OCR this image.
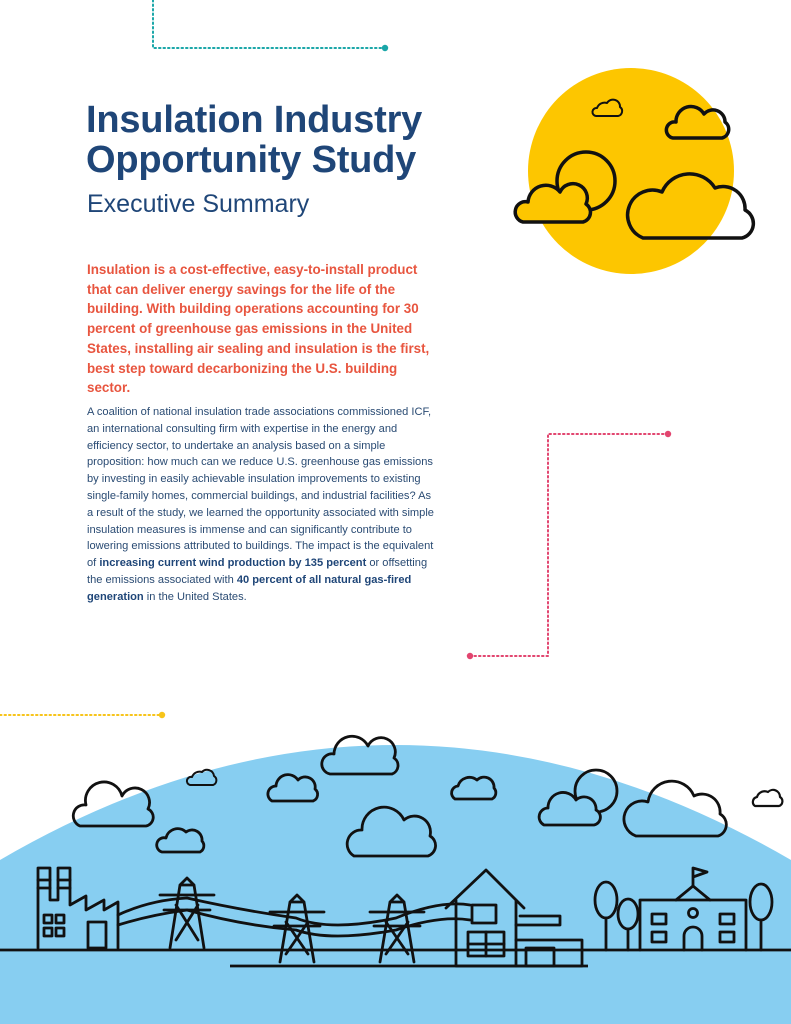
Insulation Industry
Opportunity Study
Executive Summary

Insulation is a cost-effective, easy-to-install product that can deliver energy savings for the life of the building. With building operations accounting for 30 percent of greenhouse gas emissions in the United States, installing air sealing and insulation is the first, best step toward decarbonizing the U.S. building sector.

A coalition of national insulation trade associations commissioned ICF, an international consulting firm with expertise in the energy and efficiency sector, to undertake an analysis based on a simple proposition: how much can we reduce U.S. greenhouse gas emissions by investing in easily achievable insulation improvements to existing single-family homes, commercial buildings, and industrial facilities? As a result of the study, we learned the opportunity associated with simple insulation measures is immense and can significantly contribute to lowering emissions attributed to buildings. The impact is the equivalent of increasing current wind production by 135 percent or offsetting the emissions associated with 40 percent of all natural gas-fired generation in the United States.
